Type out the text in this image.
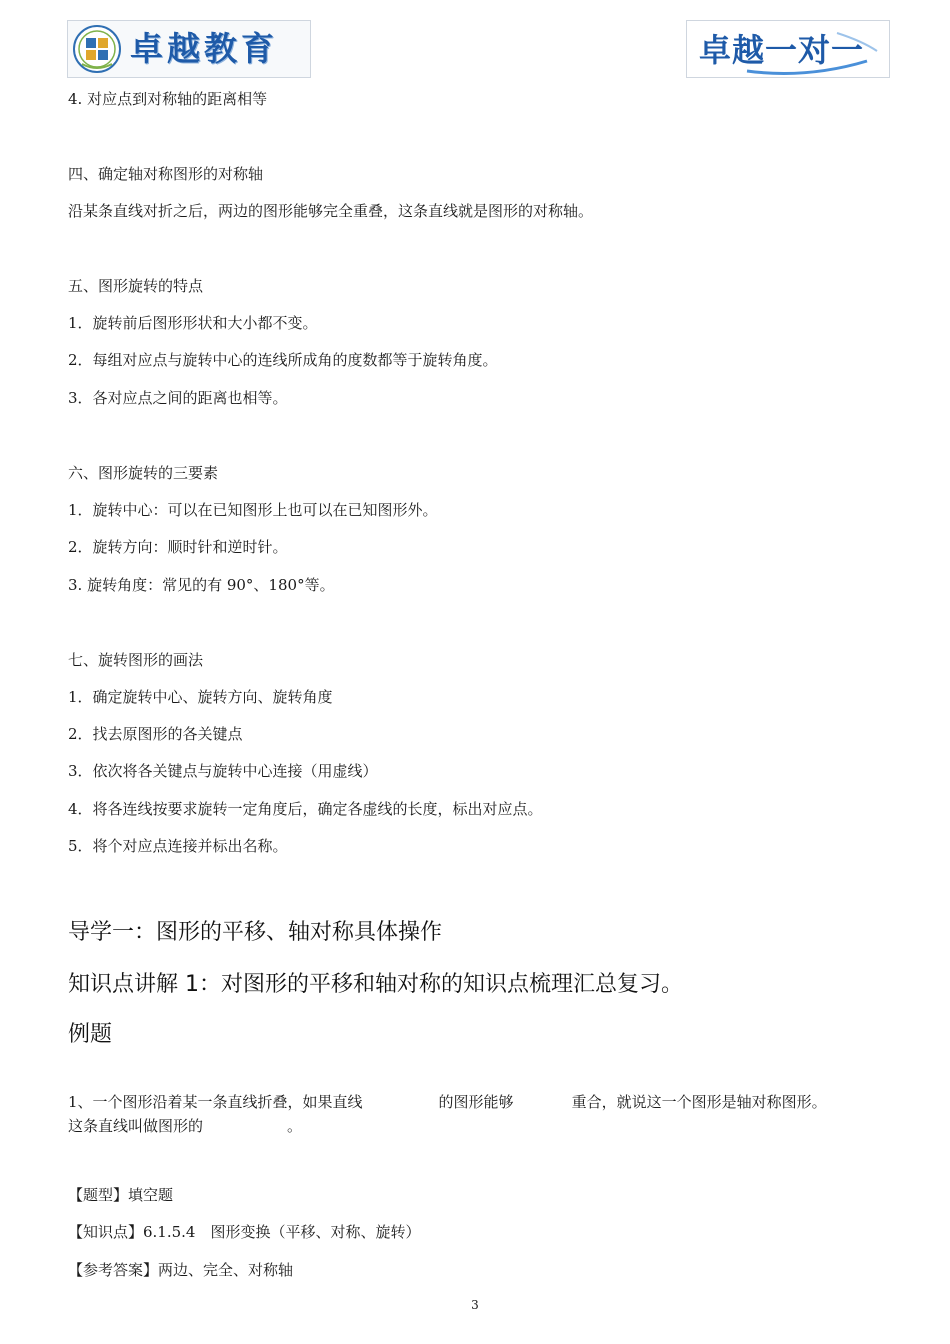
卓越教育	卓越一对一
4. 对应点到对称轴的距离相等
四、确定轴对称图形的对称轴
沿某条直线对折之后，两边的图形能够完全重叠，这条直线就是图形的对称轴。
五、图形旋转的特点
1．旋转前后图形形状和大小都不变。
2．每组对应点与旋转中心的连线所成角的度数都等于旋转角度。
3．各对应点之间的距离也相等。
六、图形旋转的三要素
1．旋转中心：可以在已知图形上也可以在已知图形外。
2．旋转方向：顺时针和逆时针。
3. 旋转角度：常见的有 90°、180°等。
七、旋转图形的画法
1．确定旋转中心、旋转方向、旋转角度
2．找去原图形的各关键点
3．依次将各关键点与旋转中心连接（用虚线）
4．将各连线按要求旋转一定角度后，确定各虚线的长度，标出对应点。
5．将个对应点连接并标出名称。
导学一：图形的平移、轴对称具体操作
知识点讲解 1：对图形的平移和轴对称的知识点梳理汇总复习。
例题
1、一个图形沿着某一条直线折叠，如果直线	的图形能够	重合，就说这一个图形是轴对称图形。
这条直线叫做图形的	。
【题型】填空题
【知识点】6.1.5.4　图形变换（平移、对称、旋转）
【参考答案】两边、完全、对称轴
3
